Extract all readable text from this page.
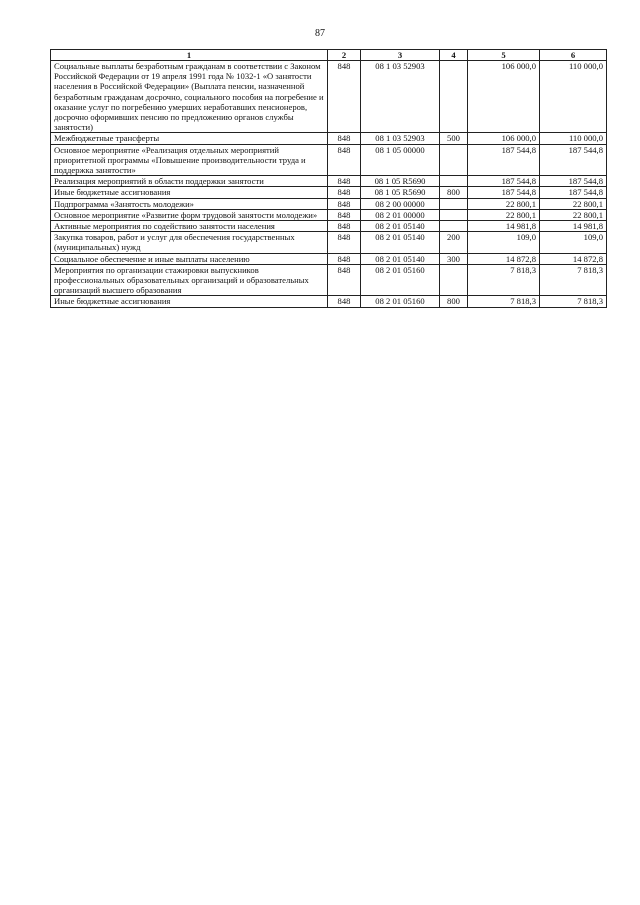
87
1	2	3	4	5	6
Социальные выплаты безработным гражданам в соответствии с Законом Российской Федерации от 19 апреля 1991 года № 1032-1 «О занятости населения в Российской Федерации» (Выплата пенсии, назначенной безработным гражданам досрочно, социального пособия на погребение и оказание услуг по погребению умерших неработавших пенсионеров, досрочно оформивших пенсию по предложению органов службы занятости)	848	08 1 03 52903		106 000,0	110 000,0
Межбюджетные трансферты	848	08 1 03 52903	500	106 000,0	110 000,0
Основное мероприятие «Реализация отдельных мероприятий приоритетной программы «Повышение производительности труда и поддержка занятости»	848	08 1 05 00000		187 544,8	187 544,8
Реализация мероприятий в области поддержки занятости	848	08 1 05 R5690		187 544,8	187 544,8
Иные бюджетные ассигнования	848	08 1 05 R5690	800	187 544,8	187 544,8
Подпрограмма «Занятость молодежи»	848	08 2 00 00000		22 800,1	22 800,1
Основное мероприятие «Развитие форм трудовой занятости молодежи»	848	08 2 01 00000		22 800,1	22 800,1
Активные мероприятия по содействию занятости населения	848	08 2 01 05140		14 981,8	14 981,8
Закупка товаров, работ и услуг для обеспечения государственных (муниципальных) нужд	848	08 2 01 05140	200	109,0	109,0
Социальное обеспечение и иные выплаты населению	848	08 2 01 05140	300	14 872,8	14 872,8
Мероприятия по организации стажировки выпускников профессиональных образовательных организаций и образовательных организаций высшего образования	848	08 2 01 05160		7 818,3	7 818,3
Иные бюджетные ассигнования	848	08 2 01 05160	800	7 818,3	7 818,3
